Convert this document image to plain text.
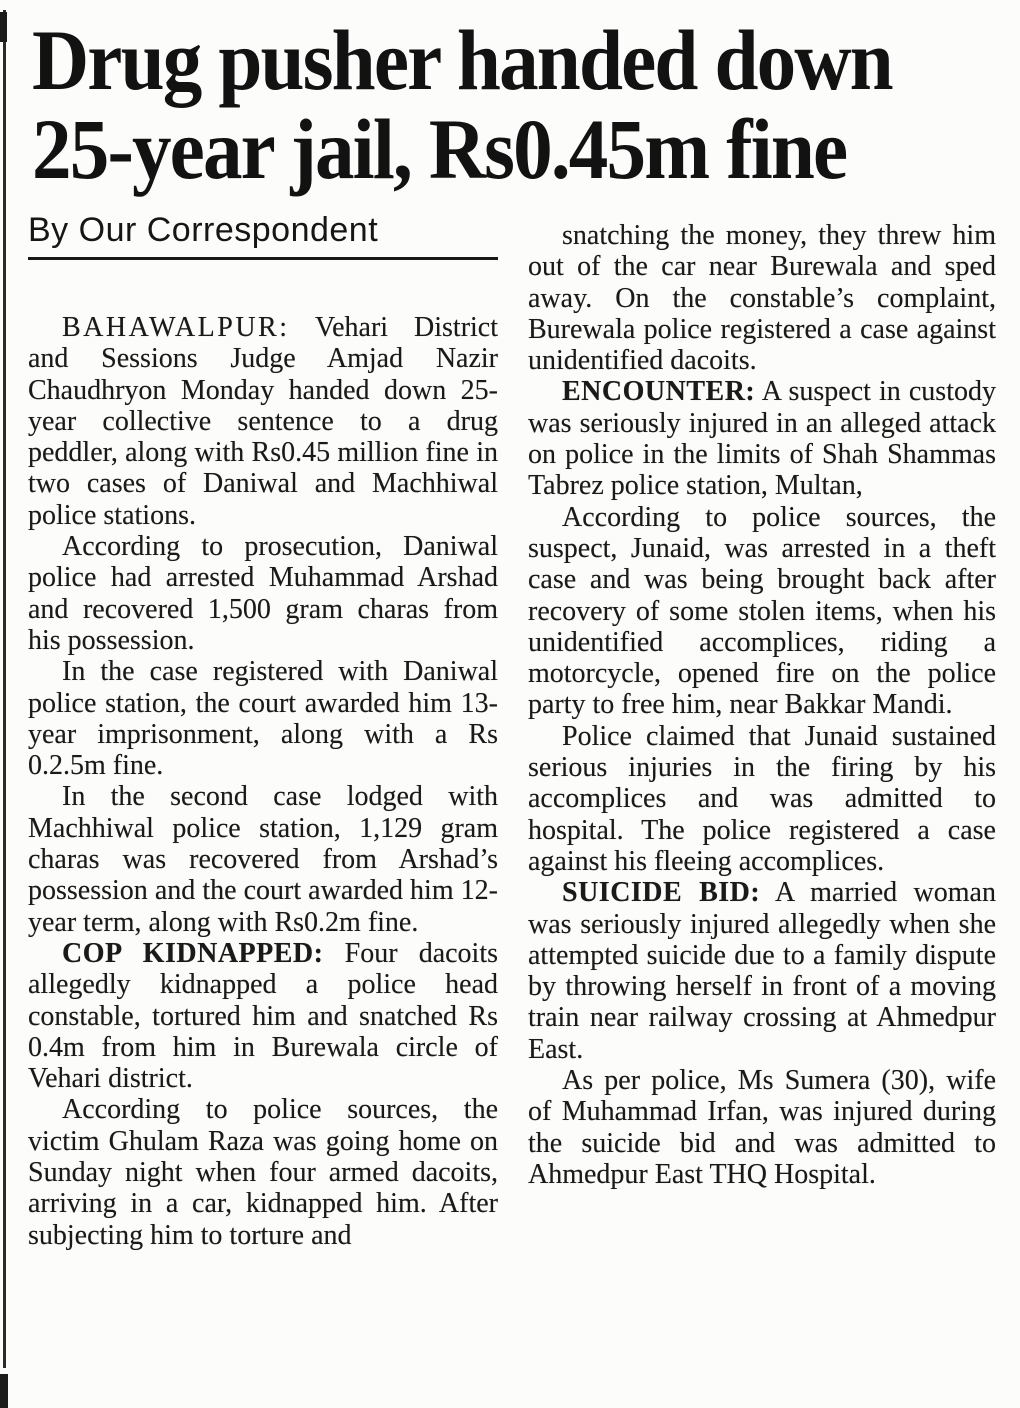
Drug pusher handed down
25-year jail, Rs0.45m fine
By Our Correspondent

BAHAWALPUR: Vehari District and Sessions Judge Amjad Nazir Chaudhryon Monday handed down 25-year collective sentence to a drug peddler, along with Rs0.45 million fine in two cases of Daniwal and Machhiwal police stations.

According to prosecution, Daniwal police had arrested Muhammad Arshad and recovered 1,500 gram charas from his possession.

In the case registered with Daniwal police station, the court awarded him 13-year imprisonment, along with a Rs 0.2.5m fine.

In the second case lodged with Machhiwal police station, 1,129 gram charas was recovered from Arshad’s possession and the court awarded him 12-year term, along with Rs0.2m fine.

COP KIDNAPPED: Four dacoits allegedly kidnapped a police head constable, tortured him and snatched Rs 0.4m from him in Burewala circle of Vehari district.

According to police sources, the victim Ghulam Raza was going home on Sunday night when four armed dacoits, arriving in a car, kidnapped him. After subjecting him to torture and

snatching the money, they threw him out of the car near Burewala and sped away. On the constable’s complaint, Burewala police registered a case against unidentified dacoits.

ENCOUNTER: A suspect in custody was seriously injured in an alleged attack on police in the limits of Shah Shammas Tabrez police station, Multan,

According to police sources, the suspect, Junaid, was arrested in a theft case and was being brought back after recovery of some stolen items, when his unidentified accomplices, riding a motorcycle, opened fire on the police party to free him, near Bakkar Mandi.

Police claimed that Junaid sustained serious injuries in the firing by his accomplices and was admitted to hospital. The police registered a case against his fleeing accomplices.

SUICIDE BID: A married woman was seriously injured allegedly when she attempted suicide due to a family dispute by throwing herself in front of a moving train near railway crossing at Ahmedpur East.

As per police, Ms Sumera (30), wife of Muhammad Irfan, was injured during the suicide bid and was admitted to Ahmedpur East THQ Hospital.
